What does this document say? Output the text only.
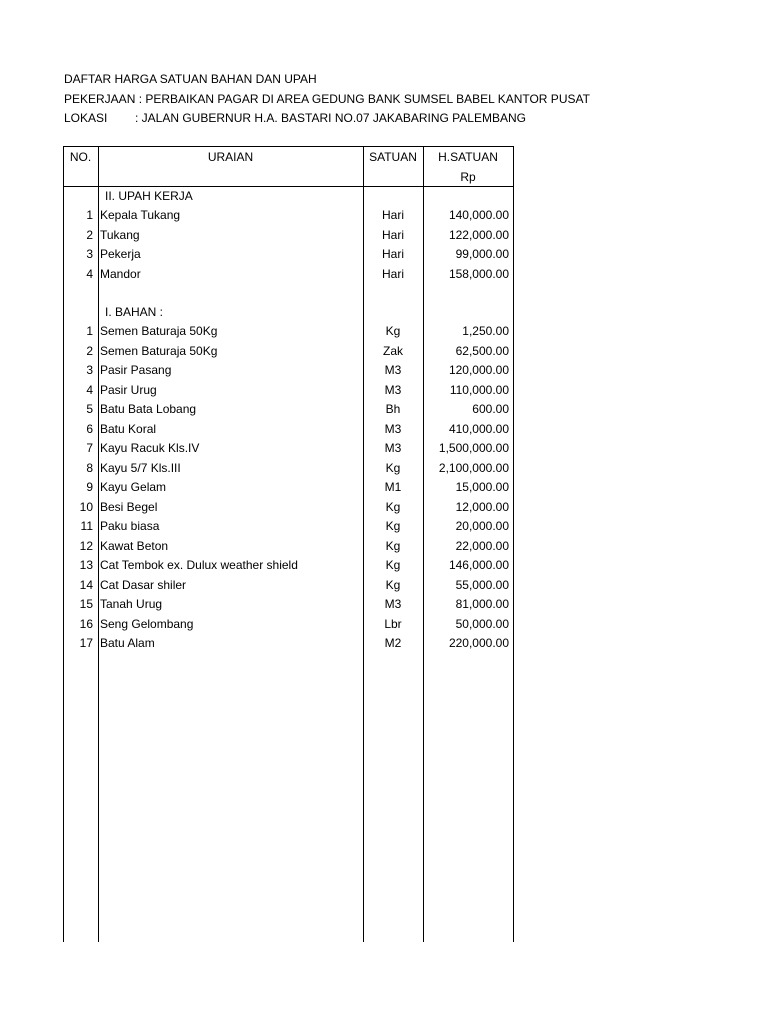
DAFTAR HARGA SATUAN BAHAN DAN UPAH
PEKERJAAN : PERBAIKAN PAGAR DI AREA GEDUNG BANK SUMSEL BABEL KANTOR PUSAT
LOKASI : JALAN GUBERNUR H.A. BASTARI NO.07 JAKABARING PALEMBANG
NO.	URAIAN	SATUAN	H.SATUAN
Rp
II. UPAH KERJA
1 Kepala Tukang	Hari	140,000.00
2 Tukang	Hari	122,000.00
3 Pekerja	Hari	99,000.00
4 Mandor	Hari	158,000.00
I. BAHAN :
1 Semen Baturaja 50Kg	Kg	1,250.00
2 Semen Baturaja 50Kg	Zak	62,500.00
3 Pasir Pasang	M3	120,000.00
4 Pasir Urug	M3	110,000.00
5 Batu Bata Lobang	Bh	600.00
6 Batu Koral	M3	410,000.00
7 Kayu Racuk Kls.IV	M3	1,500,000.00
8 Kayu 5/7 Kls.III	Kg	2,100,000.00
9 Kayu Gelam	M1	15,000.00
10 Besi Begel	Kg	12,000.00
11 Paku biasa	Kg	20,000.00
12 Kawat Beton	Kg	22,000.00
13 Cat Tembok ex. Dulux weather shield	Kg	146,000.00
14 Cat Dasar shiler	Kg	55,000.00
15 Tanah Urug	M3	81,000.00
16 Seng Gelombang	Lbr	50,000.00
17 Batu Alam	M2	220,000.00
